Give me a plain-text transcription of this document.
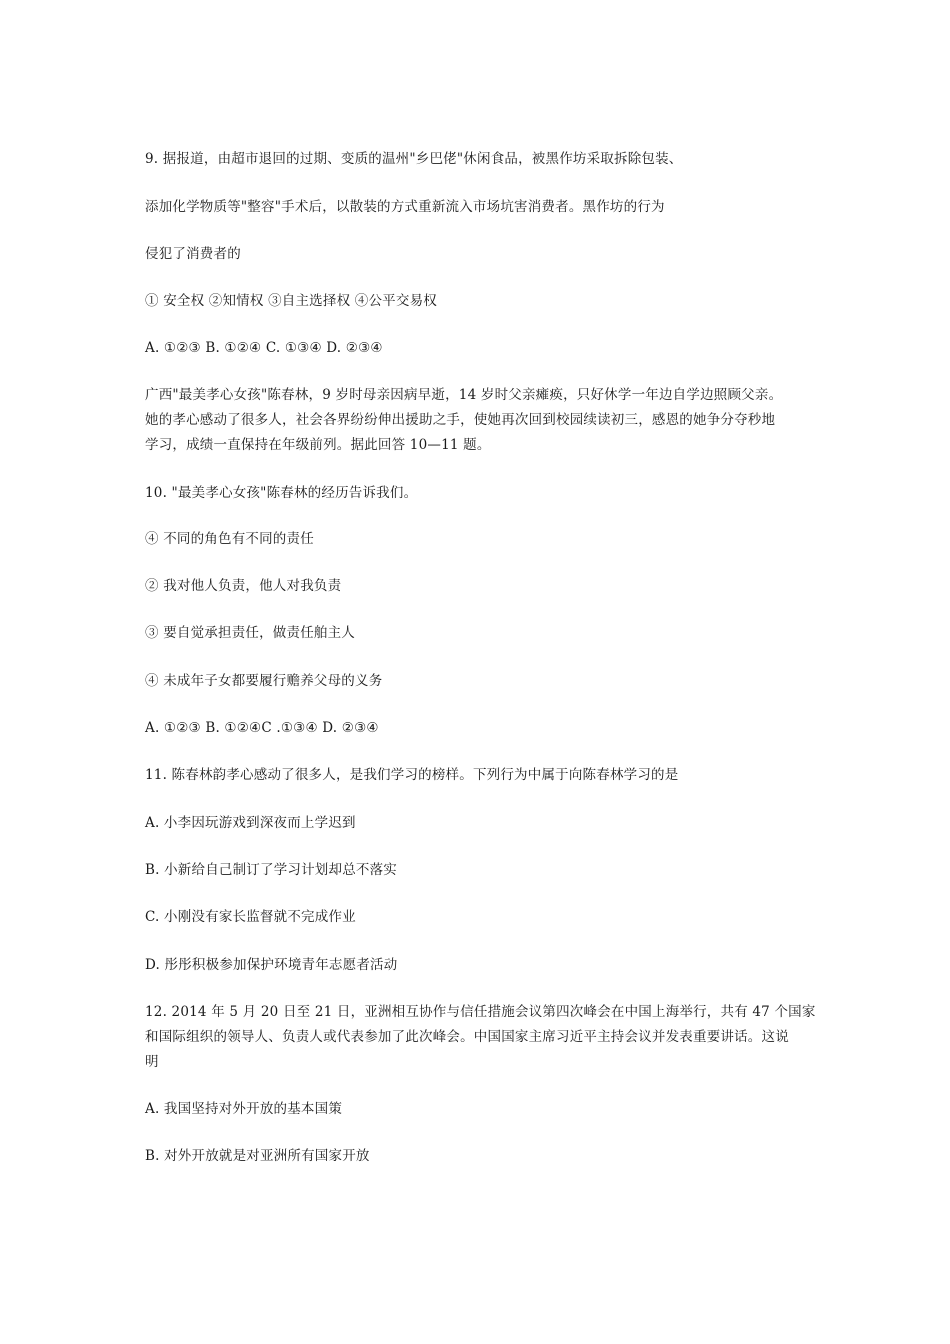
9. 据报道，由超市退回的过期、变质的温州"乡巴佬"休闲食品，被黑作坊采取拆除包装、
添加化学物质等"整容"手术后，以散装的方式重新流入市场坑害消费者。黑作坊的行为
侵犯了消费者的
① 安全权 ②知情权 ③自主选择权 ④公平交易权
A. ①②③ B. ①②④ C. ①③④ D. ②③④
广西"最美孝心女孩"陈春林，9 岁时母亲因病早逝，14 岁时父亲瘫痪，只好休学一年边自学边照顾父亲。
她的孝心感动了很多人，社会各界纷纷伸出援助之手，使她再次回到校园续读初三，感恩的她争分夺秒地
学习，成绩一直保持在年级前列。据此回答 10—11 题。
10. "最美孝心女孩"陈春林的经历告诉我们。
④ 不同的角色有不同的责任
② 我对他人负责，他人对我负责
③ 要自觉承担责任，做责任舶主人
④ 未成年子女都要履行赡养父母的义务
A. ①②③ B. ①②④C .①③④ D. ②③④
11. 陈春林韵孝心感动了很多人，是我们学习的榜样。下列行为中属于向陈春林学习的是
A. 小李因玩游戏到深夜而上学迟到
B. 小新给自己制订了学习计划却总不落实
C. 小刚没有家长监督就不完成作业
D. 彤彤积极参加保护环境青年志愿者活动
12. 2014 年 5 月 20 日至 21 日，亚洲相互协作与信任措施会议第四次峰会在中国上海举行，共有 47 个国家
和国际组织的领导人、负责人或代表参加了此次峰会。中国国家主席习近平主持会议并发表重要讲话。这说
明
A. 我国坚持对外开放的基本国策
B. 对外开放就是对亚洲所有国家开放
